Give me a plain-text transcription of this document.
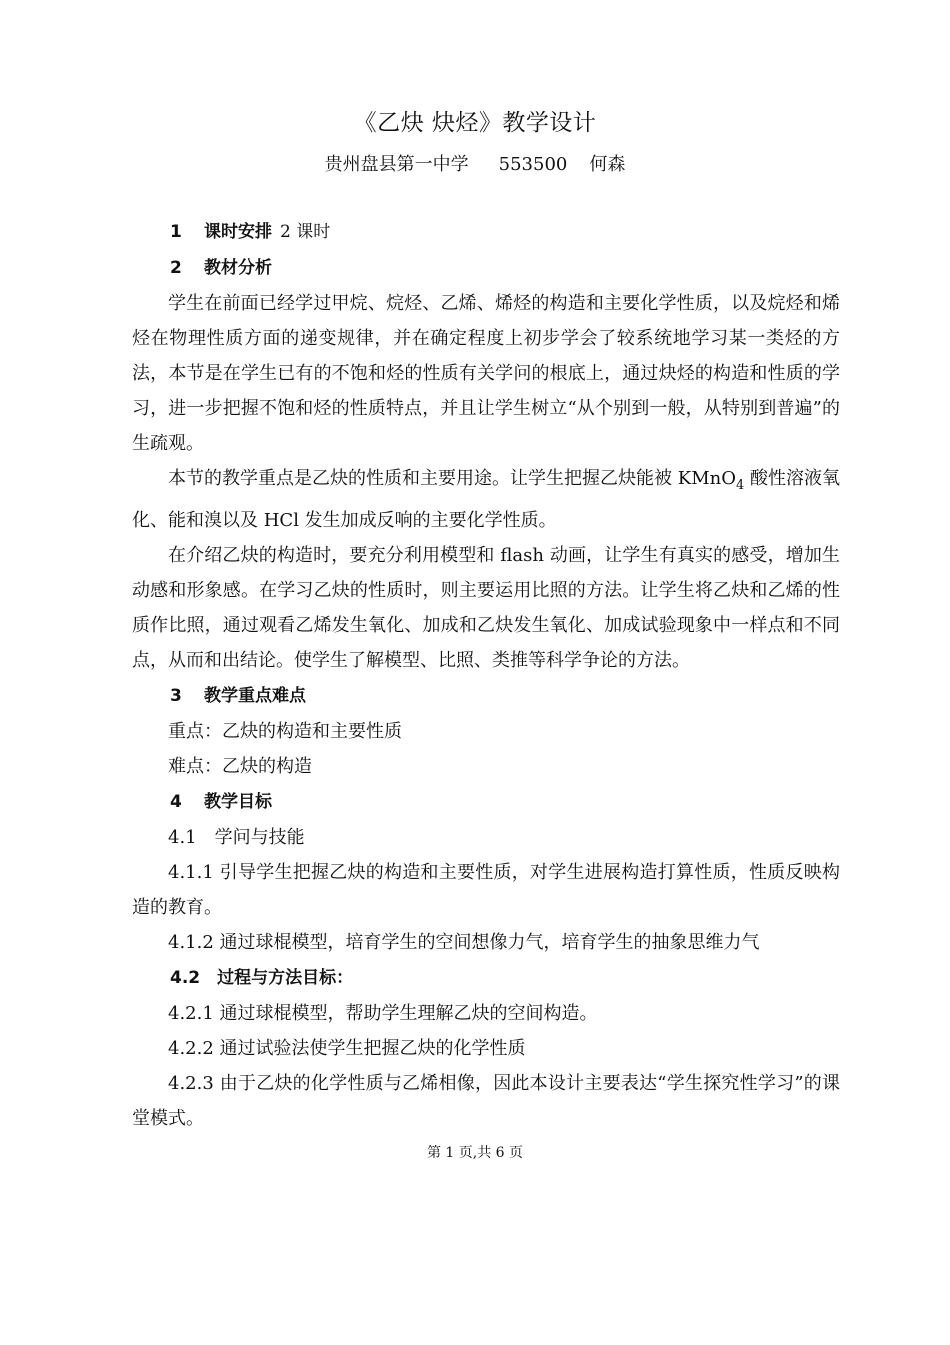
《乙炔 炔烃》教学设计
贵州盘县第一中学 553500 何森
1 课时安排 2 课时
2 教材分析

学生在前面已经学过甲烷、烷烃、乙烯、烯烃的构造和主要化学性质，以及烷烃和烯烃在物理性质方面的递变规律，并在确定程度上初步学会了较系统地学习某一类烃的方法，本节是在学生已有的不饱和烃的性质有关学问的根底上，通过炔烃的构造和性质的学习，进一步把握不饱和烃的性质特点，并且让学生树立“从个别到一般，从特别到普遍”的生疏观。

本节的教学重点是乙炔的性质和主要用途。让学生把握乙炔能被 KMnO$_4$ 酸性溶液氧化、能和溴以及 HCl 发生加成反响的主要化学性质。

在介绍乙炔的构造时，要充分利用模型和 flash 动画，让学生有真实的感受，增加生动感和形象感。在学习乙炔的性质时，则主要运用比照的方法。让学生将乙炔和乙烯的性质作比照，通过观看乙烯发生氧化、加成和乙炔发生氧化、加成试验现象中一样点和不同点，从而和出结论。使学生了解模型、比照、类推等科学争论的方法。

3 教学重点难点
重点：乙炔的构造和主要性质
难点：乙炔的构造
4 教学目标
4.1　学问与技能

4.1.1 引导学生把握乙炔的构造和主要性质，对学生进展构造打算性质，性质反映构造的教育。

4.1.2 通过球棍模型，培育学生的空间想像力气，培育学生的抽象思维力气

4.2　过程与方法目标：

4.2.1 通过球棍模型，帮助学生理解乙炔的空间构造。

4.2.2 通过试验法使学生把握乙炔的化学性质

4.2.3 由于乙炔的化学性质与乙烯相像，因此本设计主要表达“学生探究性学习”的课堂模式。

第 1 页,共 6 页
